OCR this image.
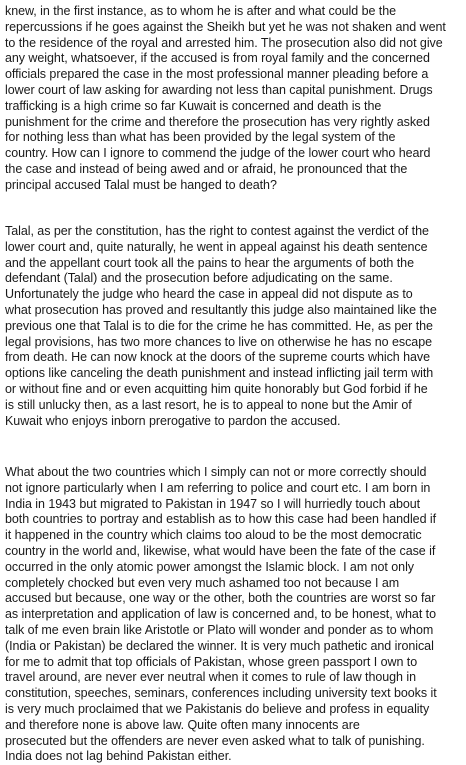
knew, in the first instance, as to whom he is after and what could be the
repercussions if he goes against the Sheikh but yet he was not shaken and went
to the residence of the royal and arrested him. The prosecution also did not give
any weight, whatsoever, if the accused is from royal family and the concerned
officials prepared the case in the most professional manner pleading before a
lower court of law asking for awarding not less than capital punishment. Drugs
trafficking is a high crime so far Kuwait is concerned and death is the
punishment for the crime and therefore the prosecution has very rightly asked
for nothing less than what has been provided by the legal system of the
country. How can I ignore to commend the judge of the lower court who heard
the case and instead of being awed and or afraid, he pronounced that the
principal accused Talal must be hanged to death?
Talal, as per the constitution, has the right to contest against the verdict of the
lower court and, quite naturally, he went in appeal against his death sentence
and the appellant court took all the pains to hear the arguments of both the
defendant (Talal) and the prosecution before adjudicating on the same.
Unfortunately the judge who heard the case in appeal did not dispute as to
what prosecution has proved and resultantly this judge also maintained like the
previous one that Talal is to die for the crime he has committed. He, as per the
legal provisions, has two more chances to live on otherwise he has no escape
from death. He can now knock at the doors of the supreme courts which have
options like canceling the death punishment and instead inflicting jail term with
or without fine and or even acquitting him quite honorably but God forbid if he
is still unlucky then, as a last resort, he is to appeal to none but the Amir of
Kuwait who enjoys inborn prerogative to pardon the accused.
What about the two countries which I simply can not or more correctly should
not ignore particularly when I am referring to police and court etc. I am born in
India in 1943 but migrated to Pakistan in 1947 so I will hurriedly touch about
both countries to portray and establish as to how this case had been handled if
it happened in the country which claims too aloud to be the most democratic
country in the world and, likewise, what would have been the fate of the case if
occurred in the only atomic power amongst the Islamic block. I am not only
completely chocked but even very much ashamed too not because I am
accused but because, one way or the other, both the countries are worst so far
as interpretation and application of law is concerned and, to be honest, what to
talk of me even brain like Aristotle or Plato will wonder and ponder as to whom
(India or Pakistan) be declared the winner. It is very much pathetic and ironical
for me to admit that top officials of Pakistan, whose green passport I own to
travel around, are never ever neutral when it comes to rule of law though in
constitution, speeches, seminars, conferences including university text books it
is very much proclaimed that we Pakistanis do believe and profess in equality
and therefore none is above law. Quite often many innocents are
prosecuted but the offenders are never even asked what to talk of punishing.
India does not lag behind Pakistan either.
